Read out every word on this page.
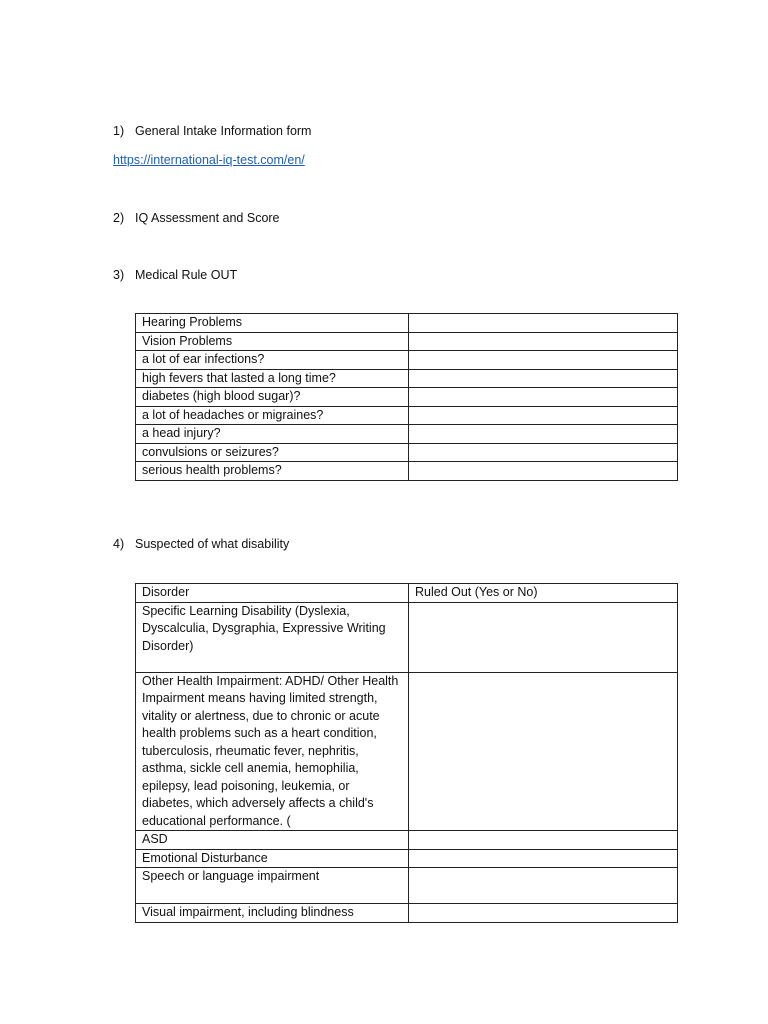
1) General Intake Information form
https://international-iq-test.com/en/
2) IQ Assessment and Score
3) Medical Rule OUT
Hearing Problems	
Vision Problems	
a lot of ear infections?	
high fevers that lasted a long time?	
diabetes (high blood sugar)?	
a lot of headaches or migraines?	
a head injury?	
convulsions or seizures?	
serious health problems?	
4) Suspected of what disability
Disorder	Ruled Out (Yes or No)
Specific Learning Disability (Dyslexia, Dyscalculia, Dysgraphia, Expressive Writing Disorder)	
Other Health Impairment: ADHD/ Other Health Impairment means having limited strength, vitality or alertness, due to chronic or acute health problems such as a heart condition, tuberculosis, rheumatic fever, nephritis, asthma, sickle cell anemia, hemophilia, epilepsy, lead poisoning, leukemia, or diabetes, which adversely affects a child's educational performance. (	
ASD	
Emotional Disturbance	
Speech or language impairment	
Visual impairment, including blindness	
